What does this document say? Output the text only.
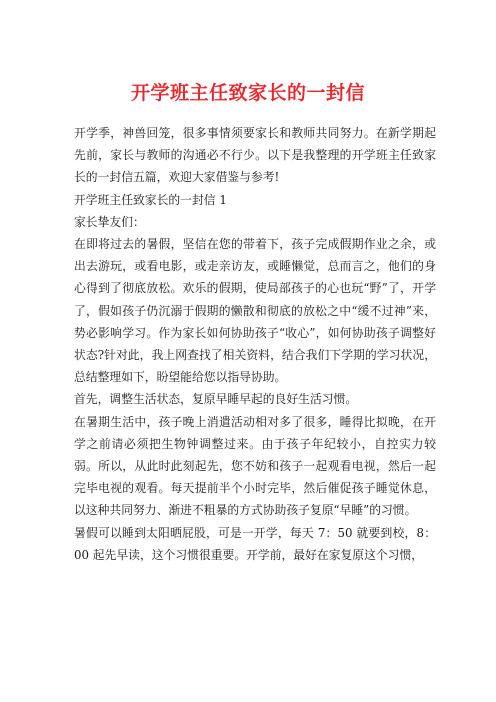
开学班主任致家长的一封信

开学季，神兽回笼，很多事情须要家长和教师共同努力。在新学期起先前，家长与教师的沟通必不行少。以下是我整理的开学班主任致家长的一封信五篇，欢迎大家借鉴与参考!

开学班主任致家长的一封信 1

家长挚友们：

在即将过去的暑假，坚信在您的带着下，孩子完成假期作业之余，或出去游玩，或看电影，或走亲访友，或睡懒觉，总而言之，他们的身心得到了彻底放松。欢乐的假期，使局部孩子的心也玩“野”了，开学了，假如孩子仍沉溺于假期的懒散和彻底的放松之中“缓不过神”来，势必影响学习。作为家长如何协助孩子“收心”，如何协助孩子调整好状态?针对此，我上网查找了相关资料，结合我们下学期的学习状况，总结整理如下，盼望能给您以指导协助。

首先，调整生活状态，复原早睡早起的良好生活习惯。

在暑期生活中，孩子晚上消遣活动相对多了很多，睡得比拟晚，在开学之前请必须把生物钟调整过来。由于孩子年纪较小，自控实力较弱。所以，从此时此刻起先，您不妨和孩子一起观看电视，然后一起完毕电视的观看。每天提前半个小时完毕，然后催促孩子睡觉休息，以这种共同努力、渐进不粗暴的方式协助孩子复原“早睡”的习惯。

暑假可以睡到太阳晒屁股，可是一开学，每天 7：50 就要到校，8：00 起先早读，这个习惯很重要。开学前，最好在家复原这个习惯，
